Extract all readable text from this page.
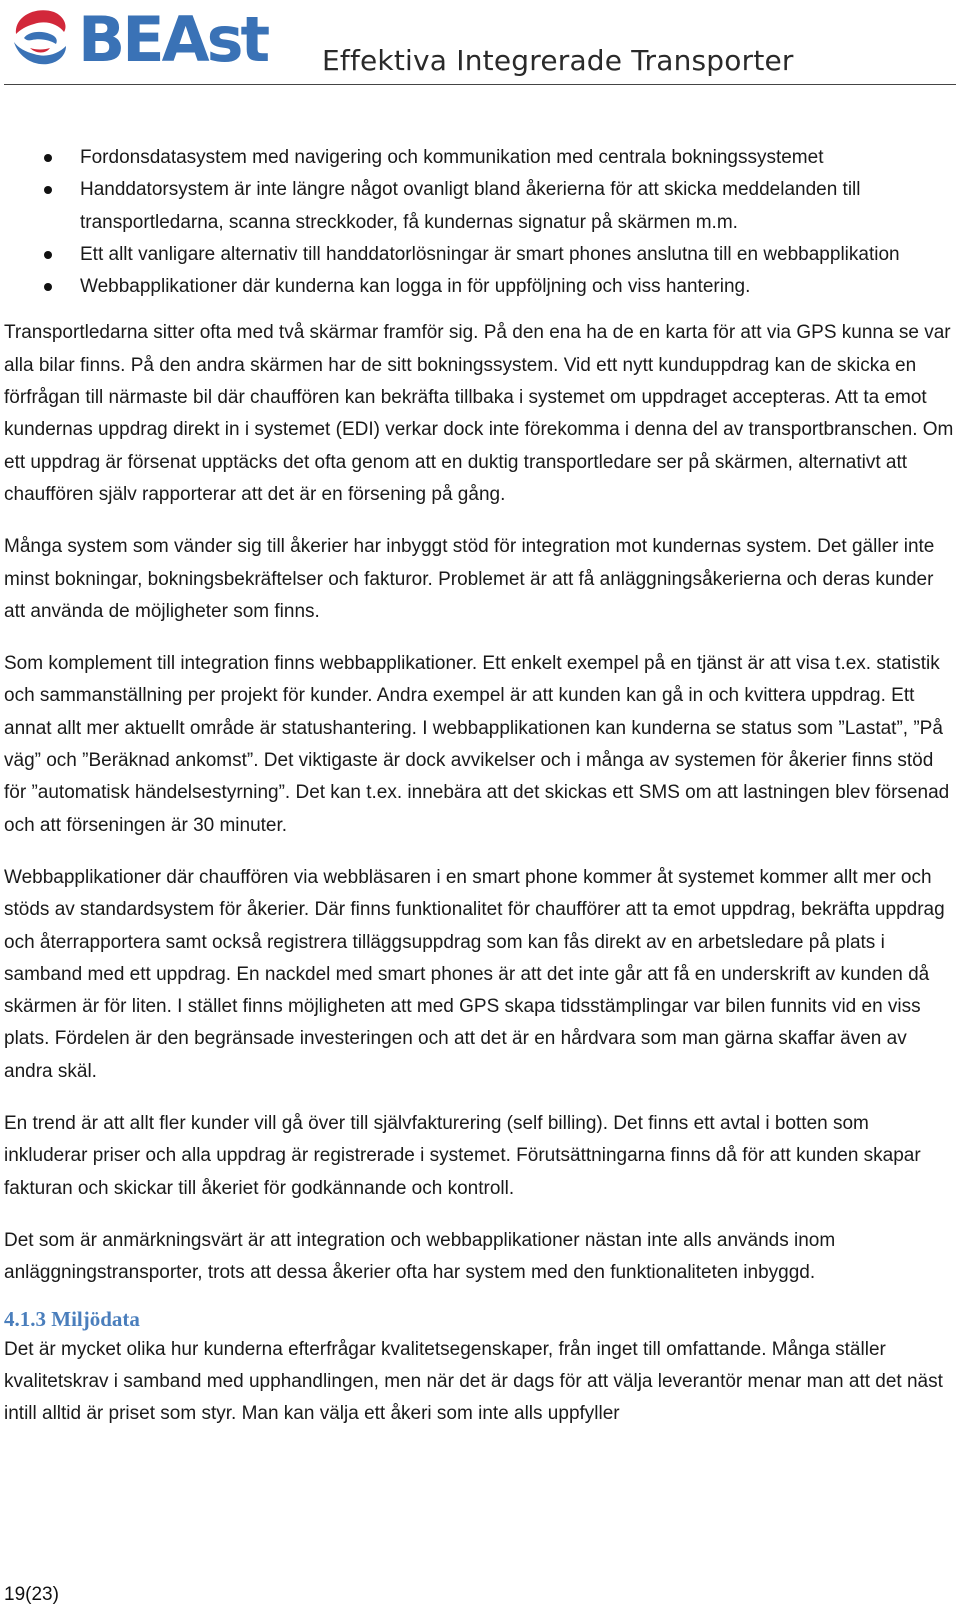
BEAst Effektiva Integrerade Transporter
Fordonsdatasystem med navigering och kommunikation med centrala bokningssystemet
Handdatorsystem är inte längre något ovanligt bland åkerierna för att skicka meddelanden till transportledarna, scanna streckkoder, få kundernas signatur på skärmen m.m.
Ett allt vanligare alternativ till handdatorlösningar är smart phones anslutna till en webbapplikation
Webbapplikationer där kunderna kan logga in för uppföljning och viss hantering.

Transportledarna sitter ofta med två skärmar framför sig. På den ena ha de en karta för att via GPS kunna se var alla bilar finns. På den andra skärmen har de sitt bokningssystem. Vid ett nytt kunduppdrag kan de skicka en förfrågan till närmaste bil där chauffören kan bekräfta tillbaka i systemet om uppdraget accepteras. Att ta emot kundernas uppdrag direkt in i systemet (EDI) verkar dock inte förekomma i denna del av transportbranschen. Om ett uppdrag är försenat upptäcks det ofta genom att en duktig transportledare ser på skärmen, alternativt att chauffören själv rapporterar att det är en försening på gång.

Många system som vänder sig till åkerier har inbyggt stöd för integration mot kundernas system. Det gäller inte minst bokningar, bokningsbekräftelser och fakturor. Problemet är att få anläggningsåkerierna och deras kunder att använda de möjligheter som finns.

Som komplement till integration finns webbapplikationer. Ett enkelt exempel på en tjänst är att visa t.ex. statistik och sammanställning per projekt för kunder. Andra exempel är att kunden kan gå in och kvittera uppdrag. Ett annat allt mer aktuellt område är statushantering. I webbapplikationen kan kunderna se status som ”Lastat”, ”På väg” och ”Beräknad ankomst”. Det viktigaste är dock avvikelser och i många av systemen för åkerier finns stöd för ”automatisk händelsestyrning”. Det kan t.ex. innebära att det skickas ett SMS om att lastningen blev försenad och att förseningen är 30 minuter.

Webbapplikationer där chauffören via webbläsaren i en smart phone kommer åt systemet kommer allt mer och stöds av standardsystem för åkerier. Där finns funktionalitet för chaufförer att ta emot uppdrag, bekräfta uppdrag och återrapportera samt också registrera tilläggsuppdrag som kan fås direkt av en arbetsledare på plats i samband med ett uppdrag. En nackdel med smart phones är att det inte går att få en underskrift av kunden då skärmen är för liten. I stället finns möjligheten att med GPS skapa tidsstämplingar var bilen funnits vid en viss plats. Fördelen är den begränsade investeringen och att det är en hårdvara som man gärna skaffar även av andra skäl.

En trend är att allt fler kunder vill gå över till självfakturering (self billing). Det finns ett avtal i botten som inkluderar priser och alla uppdrag är registrerade i systemet. Förutsättningarna finns då för att kunden skapar fakturan och skickar till åkeriet för godkännande och kontroll.

Det som är anmärkningsvärt är att integration och webbapplikationer nästan inte alls används inom anläggningstransporter, trots att dessa åkerier ofta har system med den funktionaliteten inbyggd.

4.1.3 Miljödata

Det är mycket olika hur kunderna efterfrågar kvalitetsegenskaper, från inget till omfattande. Många ställer kvalitetskrav i samband med upphandlingen, men när det är dags för att välja leverantör menar man att det näst intill alltid är priset som styr. Man kan välja ett åkeri som inte alls uppfyller

19(23)
